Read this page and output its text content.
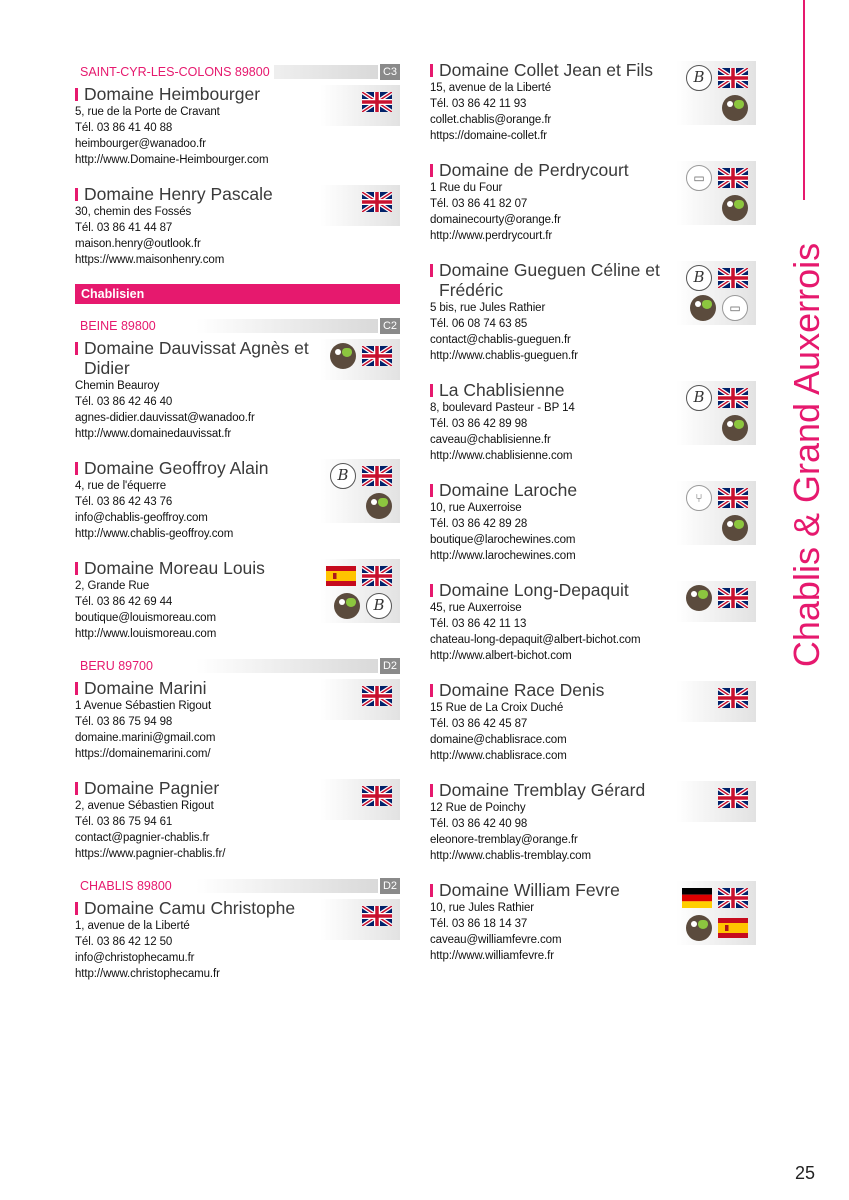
Chablis & Grand Auxerrois
25
SAINT-CYR-LES-COLONS 89800	C3
Domaine Heimbourger
5, rue de la Porte de Cravant
Tél. 03 86 41 40 88
heimbourger@wanadoo.fr
http://www.Domaine-Heimbourger.com
Domaine Henry Pascale
30, chemin des Fossés
Tél. 03 86 41 44 87
maison.henry@outlook.fr
https://www.maisonhenry.com
Chablisien
BEINE 89800	C2
Domaine Dauvissat Agnès et Didier
Chemin Beauroy
Tél. 03 86 42 46 40
agnes-didier.dauvissat@wanadoo.fr
http://www.domainedauvissat.fr
Domaine Geoffroy Alain
4, rue de l'équerre
Tél. 03 86 42 43 76
info@chablis-geoffroy.com
http://www.chablis-geoffroy.com
B
Domaine Moreau Louis
2, Grande Rue
Tél. 03 86 42 69 44
boutique@louismoreau.com
http://www.louismoreau.com
B
BERU 89700	D2
Domaine Marini
1 Avenue Sébastien Rigout
Tél. 03 86 75 94 98
domaine.marini@gmail.com
https://domainemarini.com/
Domaine Pagnier
2, avenue Sébastien Rigout
Tél. 03 86 75 94 61
contact@pagnier-chablis.fr
https://www.pagnier-chablis.fr/
CHABLIS 89800	D2
Domaine Camu Christophe
1, avenue de la Liberté
Tél. 03 86 42 12 50
info@christophecamu.fr
http://www.christophecamu.fr
Domaine Collet Jean et Fils
15, avenue de la Liberté
Tél. 03 86 42 11 93
collet.chablis@orange.fr
https://domaine-collet.fr
B
Domaine de Perdrycourt
1 Rue du Four
Tél. 03 86 41 82 07
domainecourty@orange.fr
http://www.perdrycourt.fr
▭
Domaine Gueguen Céline et Frédéric
5 bis, rue Jules Rathier
Tél. 06 08 74 63 85
contact@chablis-gueguen.fr
http://www.chablis-gueguen.fr
B
▭
La Chablisienne
8, boulevard Pasteur - BP 14
Tél. 03 86 42 89 98
caveau@chablisienne.fr
http://www.chablisienne.com
B
Domaine Laroche
10, rue Auxerroise
Tél. 03 86 42 89 28
boutique@larochewines.com
http://www.larochewines.com
⑂
Domaine Long-Depaquit
45, rue Auxerroise
Tél. 03 86 42 11 13
chateau-long-depaquit@albert-bichot.com
http://www.albert-bichot.com
Domaine Race Denis
15 Rue de La Croix Duché
Tél. 03 86 42 45 87
domaine@chablisrace.com
http://www.chablisrace.com
Domaine Tremblay Gérard
12 Rue de Poinchy
Tél. 03 86 42 40 98
eleonore-tremblay@orange.fr
http://www.chablis-tremblay.com
Domaine William Fevre
10, rue Jules Rathier
Tél. 03 86 18 14 37
caveau@williamfevre.com
http://www.williamfevre.fr
